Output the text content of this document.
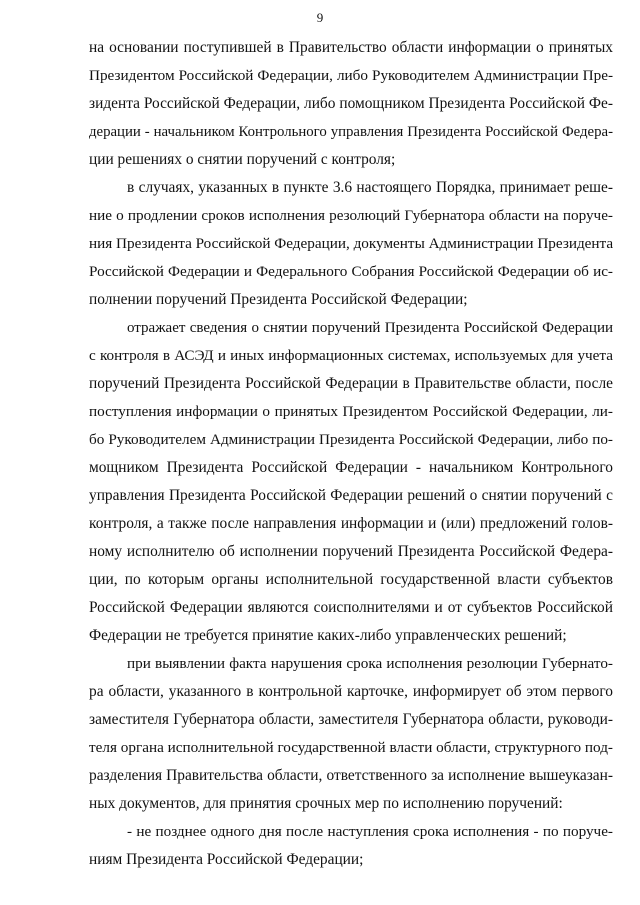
9
на основании поступившей в Правительство области информации о принятых
Президентом Российской Федерации, либо Руководителем Администрации Пре-
зидента Российской Федерации, либо помощником Президента Российской Фе-
дерации - начальником Контрольного управления Президента Российской Федера-
ции решениях о снятии поручений с контроля;
в случаях, указанных в пункте 3.6 настоящего Порядка, принимает реше-
ние о продлении сроков исполнения резолюций Губернатора области на поруче-
ния Президента Российской Федерации, документы Администрации Президента
Российской Федерации и Федерального Собрания Российской Федерации об ис-
полнении поручений Президента Российской Федерации;
отражает сведения о снятии поручений Президента Российской Федерации
с контроля в АСЭД и иных информационных системах, используемых для учета
поручений Президента Российской Федерации в Правительстве области, после
поступления информации о принятых Президентом Российской Федерации, ли-
бо Руководителем Администрации Президента Российской Федерации, либо по-
мощником Президента Российской Федерации - начальником Контрольного
управления Президента Российской Федерации решений о снятии поручений с
контроля, а также после направления информации и (или) предложений голов-
ному исполнителю об исполнении поручений Президента Российской Федера-
ции, по которым органы исполнительной государственной власти субъектов
Российской Федерации являются соисполнителями и от субъектов Российской
Федерации не требуется принятие каких-либо управленческих решений;
при выявлении факта нарушения срока исполнения резолюции Губернато-
ра области, указанного в контрольной карточке, информирует об этом первого
заместителя Губернатора области, заместителя Губернатора области, руководи-
теля органа исполнительной государственной власти области, структурного под-
разделения Правительства области, ответственного за исполнение вышеуказан-
ных документов, для принятия срочных мер по исполнению поручений:
- не позднее одного дня после наступления срока исполнения - по поруче-
ниям Президента Российской Федерации;
